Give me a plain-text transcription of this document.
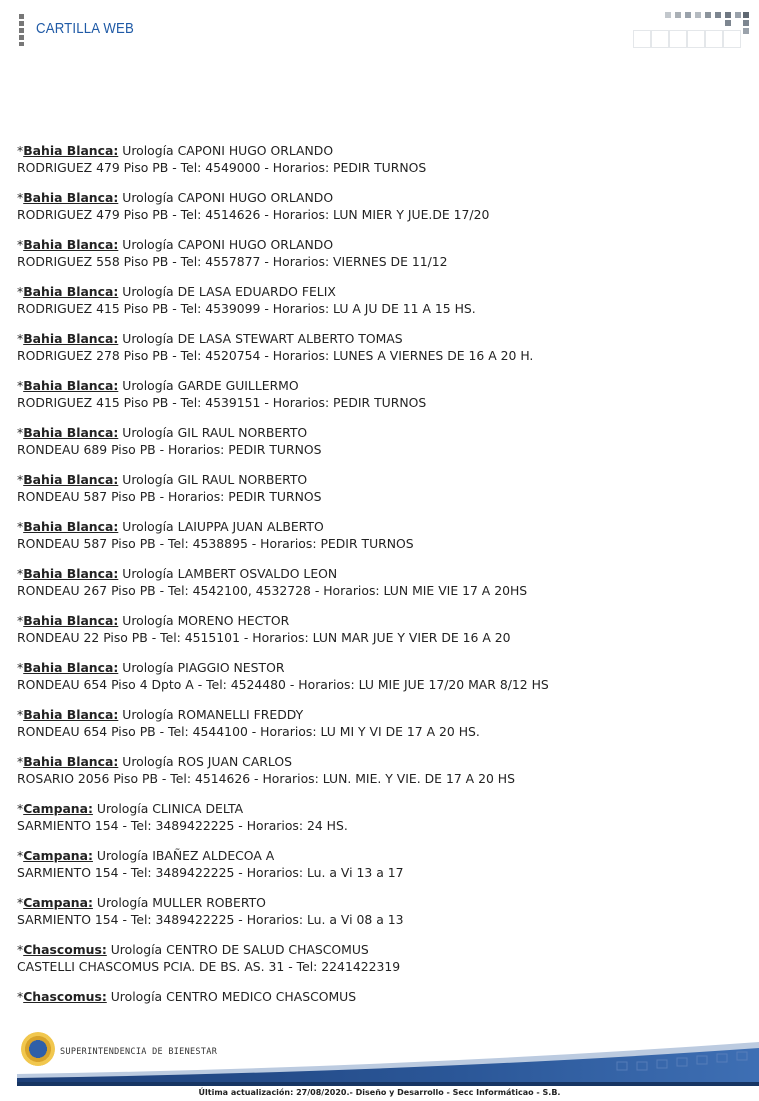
CARTILLA WEB
*Bahia Blanca: Urología CAPONI HUGO ORLANDO
RODRIGUEZ 479 Piso PB - Tel: 4549000 - Horarios: PEDIR TURNOS
*Bahia Blanca: Urología CAPONI HUGO ORLANDO
RODRIGUEZ 479 Piso PB - Tel: 4514626 - Horarios: LUN MIER Y JUE.DE 17/20
*Bahia Blanca: Urología CAPONI HUGO ORLANDO
RODRIGUEZ 558 Piso PB - Tel: 4557877 - Horarios: VIERNES DE 11/12
*Bahia Blanca: Urología DE LASA EDUARDO FELIX
RODRIGUEZ 415 Piso PB - Tel: 4539099 - Horarios: LU A JU DE 11 A 15 HS.
*Bahia Blanca: Urología DE LASA STEWART ALBERTO TOMAS
RODRIGUEZ 278 Piso PB - Tel: 4520754 - Horarios: LUNES A VIERNES DE 16 A 20 H.
*Bahia Blanca: Urología GARDE GUILLERMO
RODRIGUEZ 415 Piso PB - Tel: 4539151 - Horarios: PEDIR TURNOS
*Bahia Blanca: Urología GIL RAUL NORBERTO
RONDEAU 689 Piso PB - Horarios: PEDIR TURNOS
*Bahia Blanca: Urología GIL RAUL NORBERTO
RONDEAU 587 Piso PB - Horarios: PEDIR TURNOS
*Bahia Blanca: Urología LAIUPPA JUAN ALBERTO
RONDEAU 587 Piso PB - Tel: 4538895 - Horarios: PEDIR TURNOS
*Bahia Blanca: Urología LAMBERT OSVALDO LEON
RONDEAU 267 Piso PB - Tel: 4542100, 4532728 - Horarios: LUN MIE VIE 17 A 20HS
*Bahia Blanca: Urología MORENO HECTOR
RONDEAU 22 Piso PB - Tel: 4515101 - Horarios: LUN MAR JUE Y VIER DE 16 A 20
*Bahia Blanca: Urología PIAGGIO NESTOR
RONDEAU 654 Piso 4 Dpto A - Tel: 4524480 - Horarios: LU MIE JUE 17/20 MAR 8/12 HS
*Bahia Blanca: Urología ROMANELLI FREDDY
RONDEAU 654 Piso PB - Tel: 4544100 - Horarios: LU MI Y VI DE 17 A 20 HS.
*Bahia Blanca: Urología ROS JUAN CARLOS
ROSARIO 2056 Piso PB - Tel: 4514626 - Horarios: LUN. MIE. Y VIE. DE 17 A 20 HS
*Campana: Urología CLINICA DELTA
SARMIENTO 154 - Tel: 3489422225 - Horarios: 24 HS.
*Campana: Urología IBAÑEZ ALDECOA A
SARMIENTO 154 - Tel: 3489422225 - Horarios: Lu. a Vi 13 a 17
*Campana: Urología MULLER ROBERTO
SARMIENTO 154 - Tel: 3489422225 - Horarios: Lu. a Vi 08 a 13
*Chascomus: Urología CENTRO DE SALUD CHASCOMUS
CASTELLI CHASCOMUS PCIA. DE BS. AS. 31 - Tel: 2241422319
*Chascomus: Urología CENTRO MEDICO CHASCOMUS
SUPERINTENDENCIA DE BIENESTAR
Última actualización: 27/08/2020.- Diseño y Desarrollo - Secc Informáticao - S.B.
